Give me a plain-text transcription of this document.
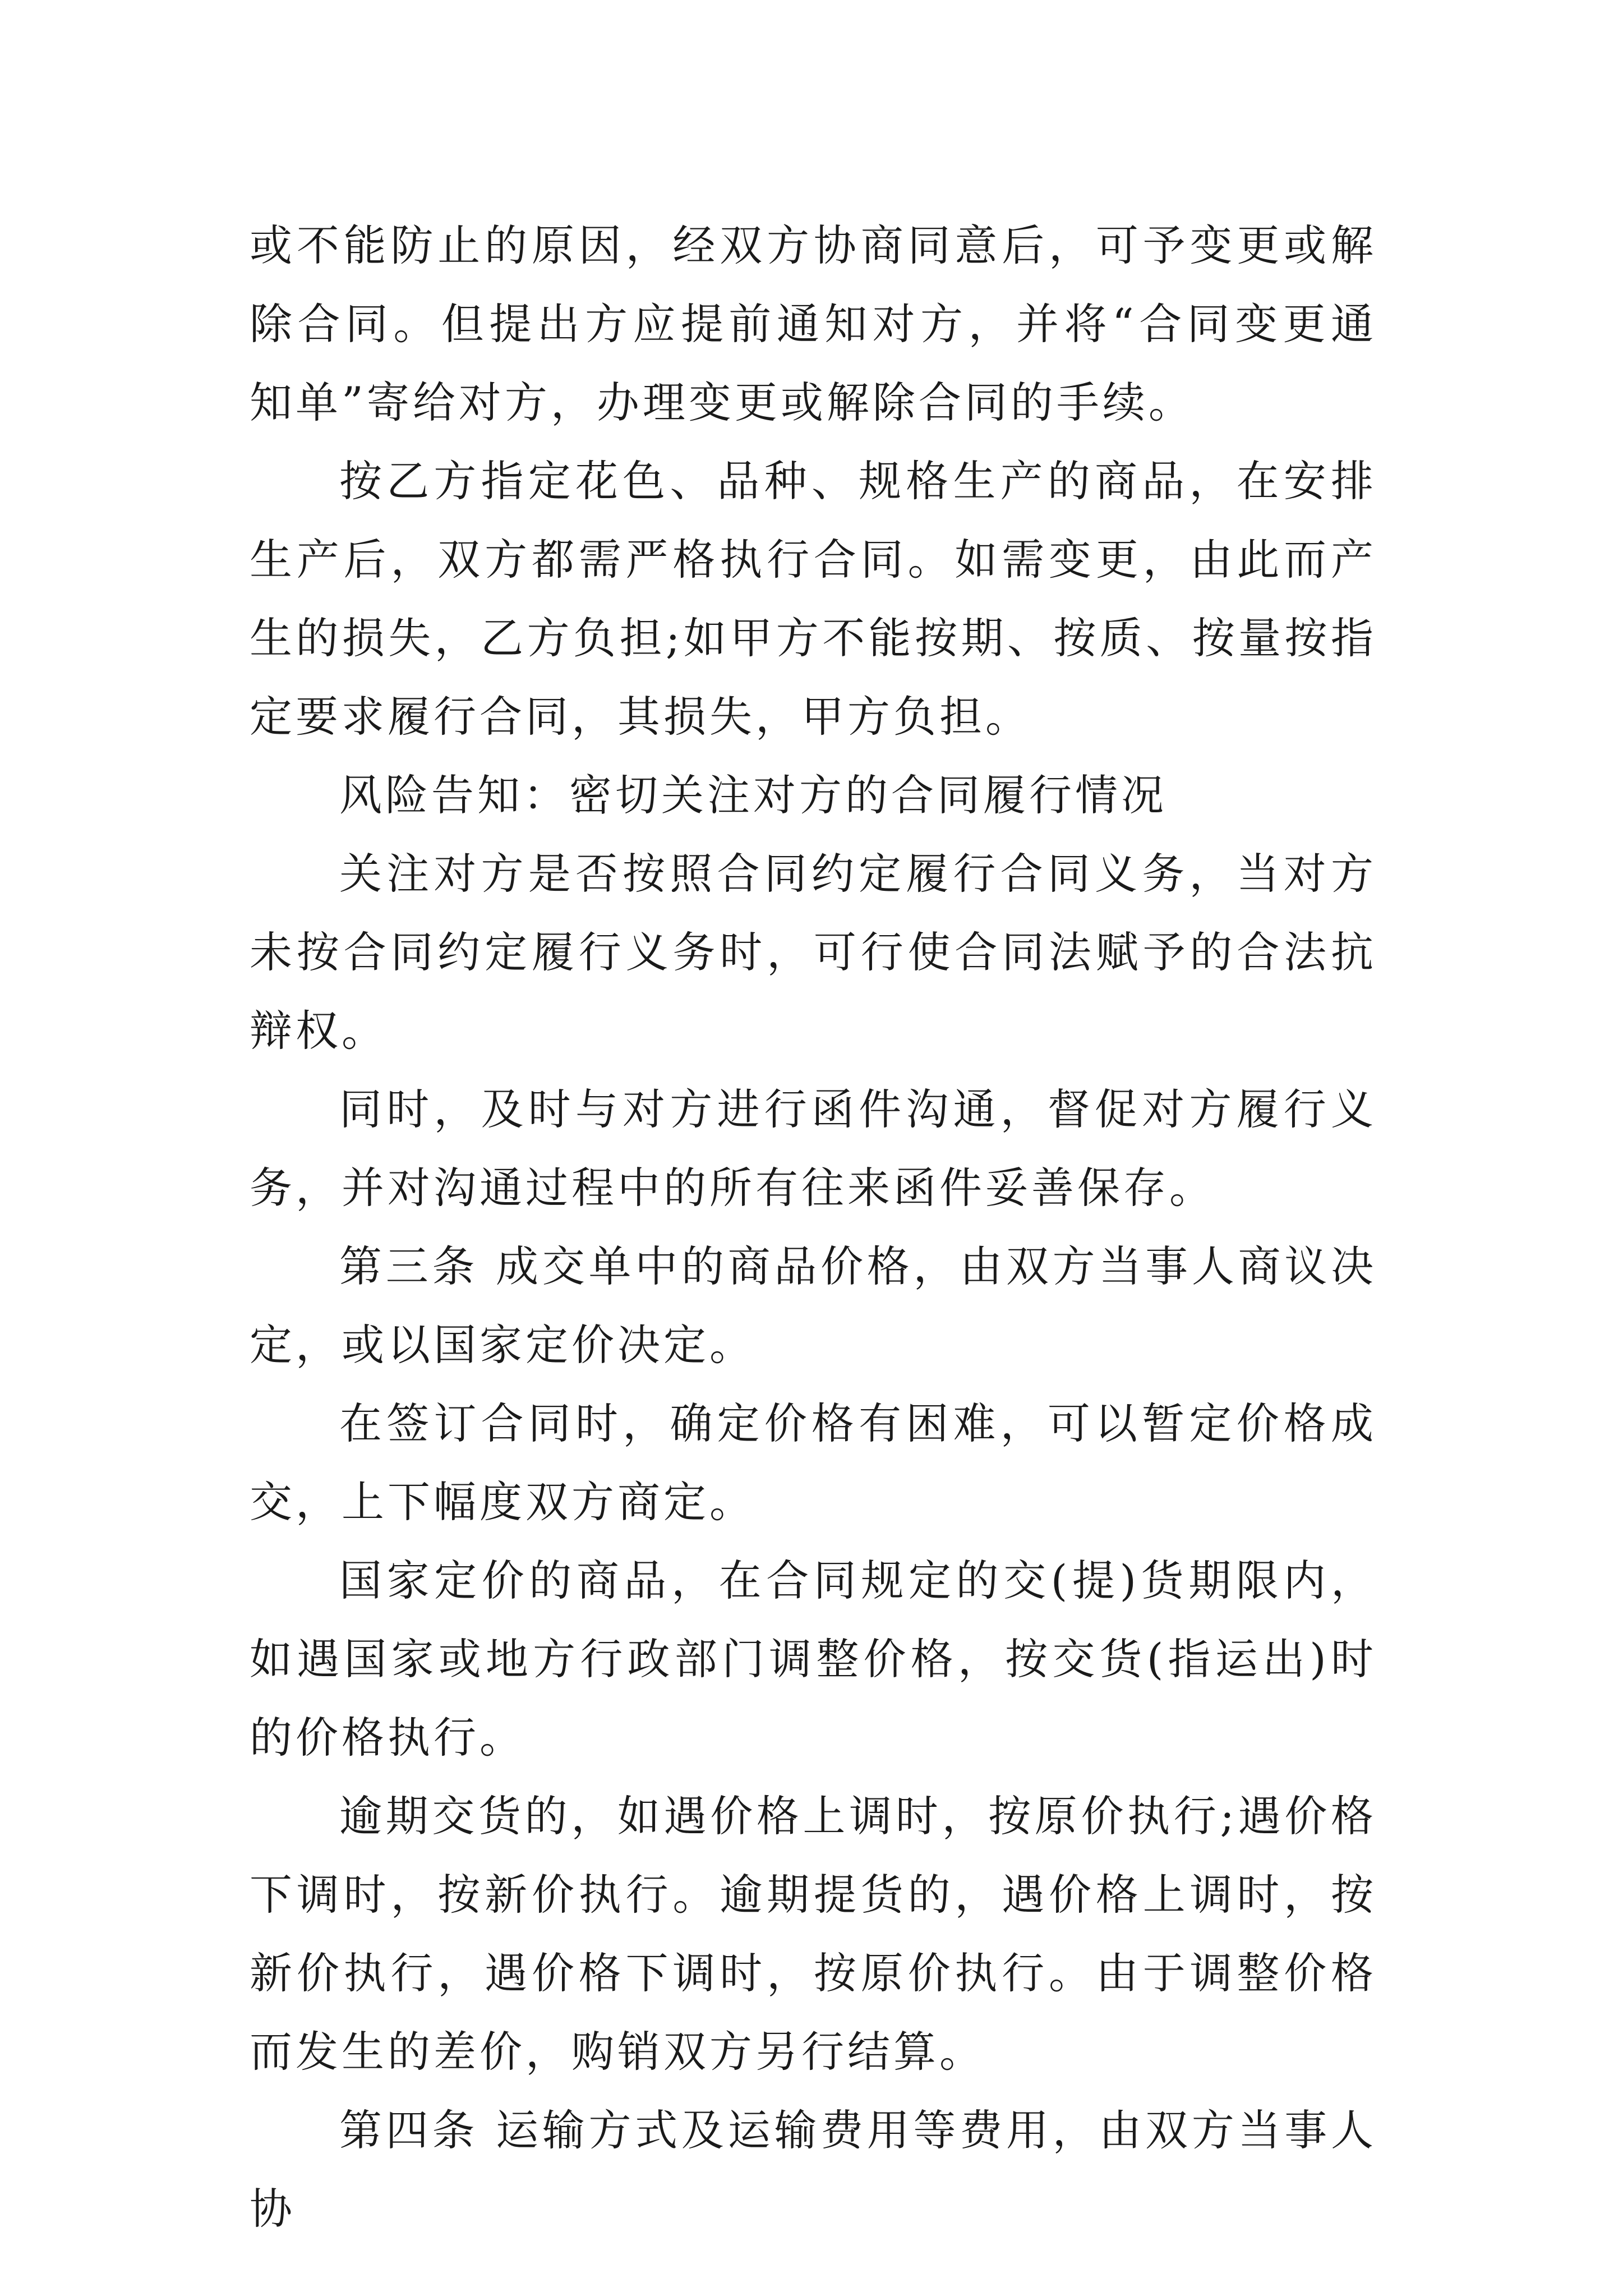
或不能防止的原因，经双方协商同意后，可予变更或解除合同。但提出方应提前通知对方，并将“合同变更通知单”寄给对方，办理变更或解除合同的手续。

按乙方指定花色、品种、规格生产的商品，在安排生产后，双方都需严格执行合同。如需变更，由此而产生的损失，乙方负担;如甲方不能按期、按质、按量按指定要求履行合同，其损失，甲方负担。

风险告知：密切关注对方的合同履行情况

关注对方是否按照合同约定履行合同义务，当对方未按合同约定履行义务时，可行使合同法赋予的合法抗辩权。

同时，及时与对方进行函件沟通，督促对方履行义务，并对沟通过程中的所有往来函件妥善保存。

第三条 成交单中的商品价格，由双方当事人商议决定，或以国家定价决定。

在签订合同时，确定价格有困难，可以暂定价格成交，上下幅度双方商定。

国家定价的商品，在合同规定的交(提)货期限内，如遇国家或地方行政部门调整价格，按交货(指运出)时的价格执行。

逾期交货的，如遇价格上调时，按原价执行;遇价格下调时，按新价执行。逾期提货的，遇价格上调时，按新价执行，遇价格下调时，按原价执行。由于调整价格而发生的差价，购销双方另行结算。

第四条 运输方式及运输费用等费用，由双方当事人协
